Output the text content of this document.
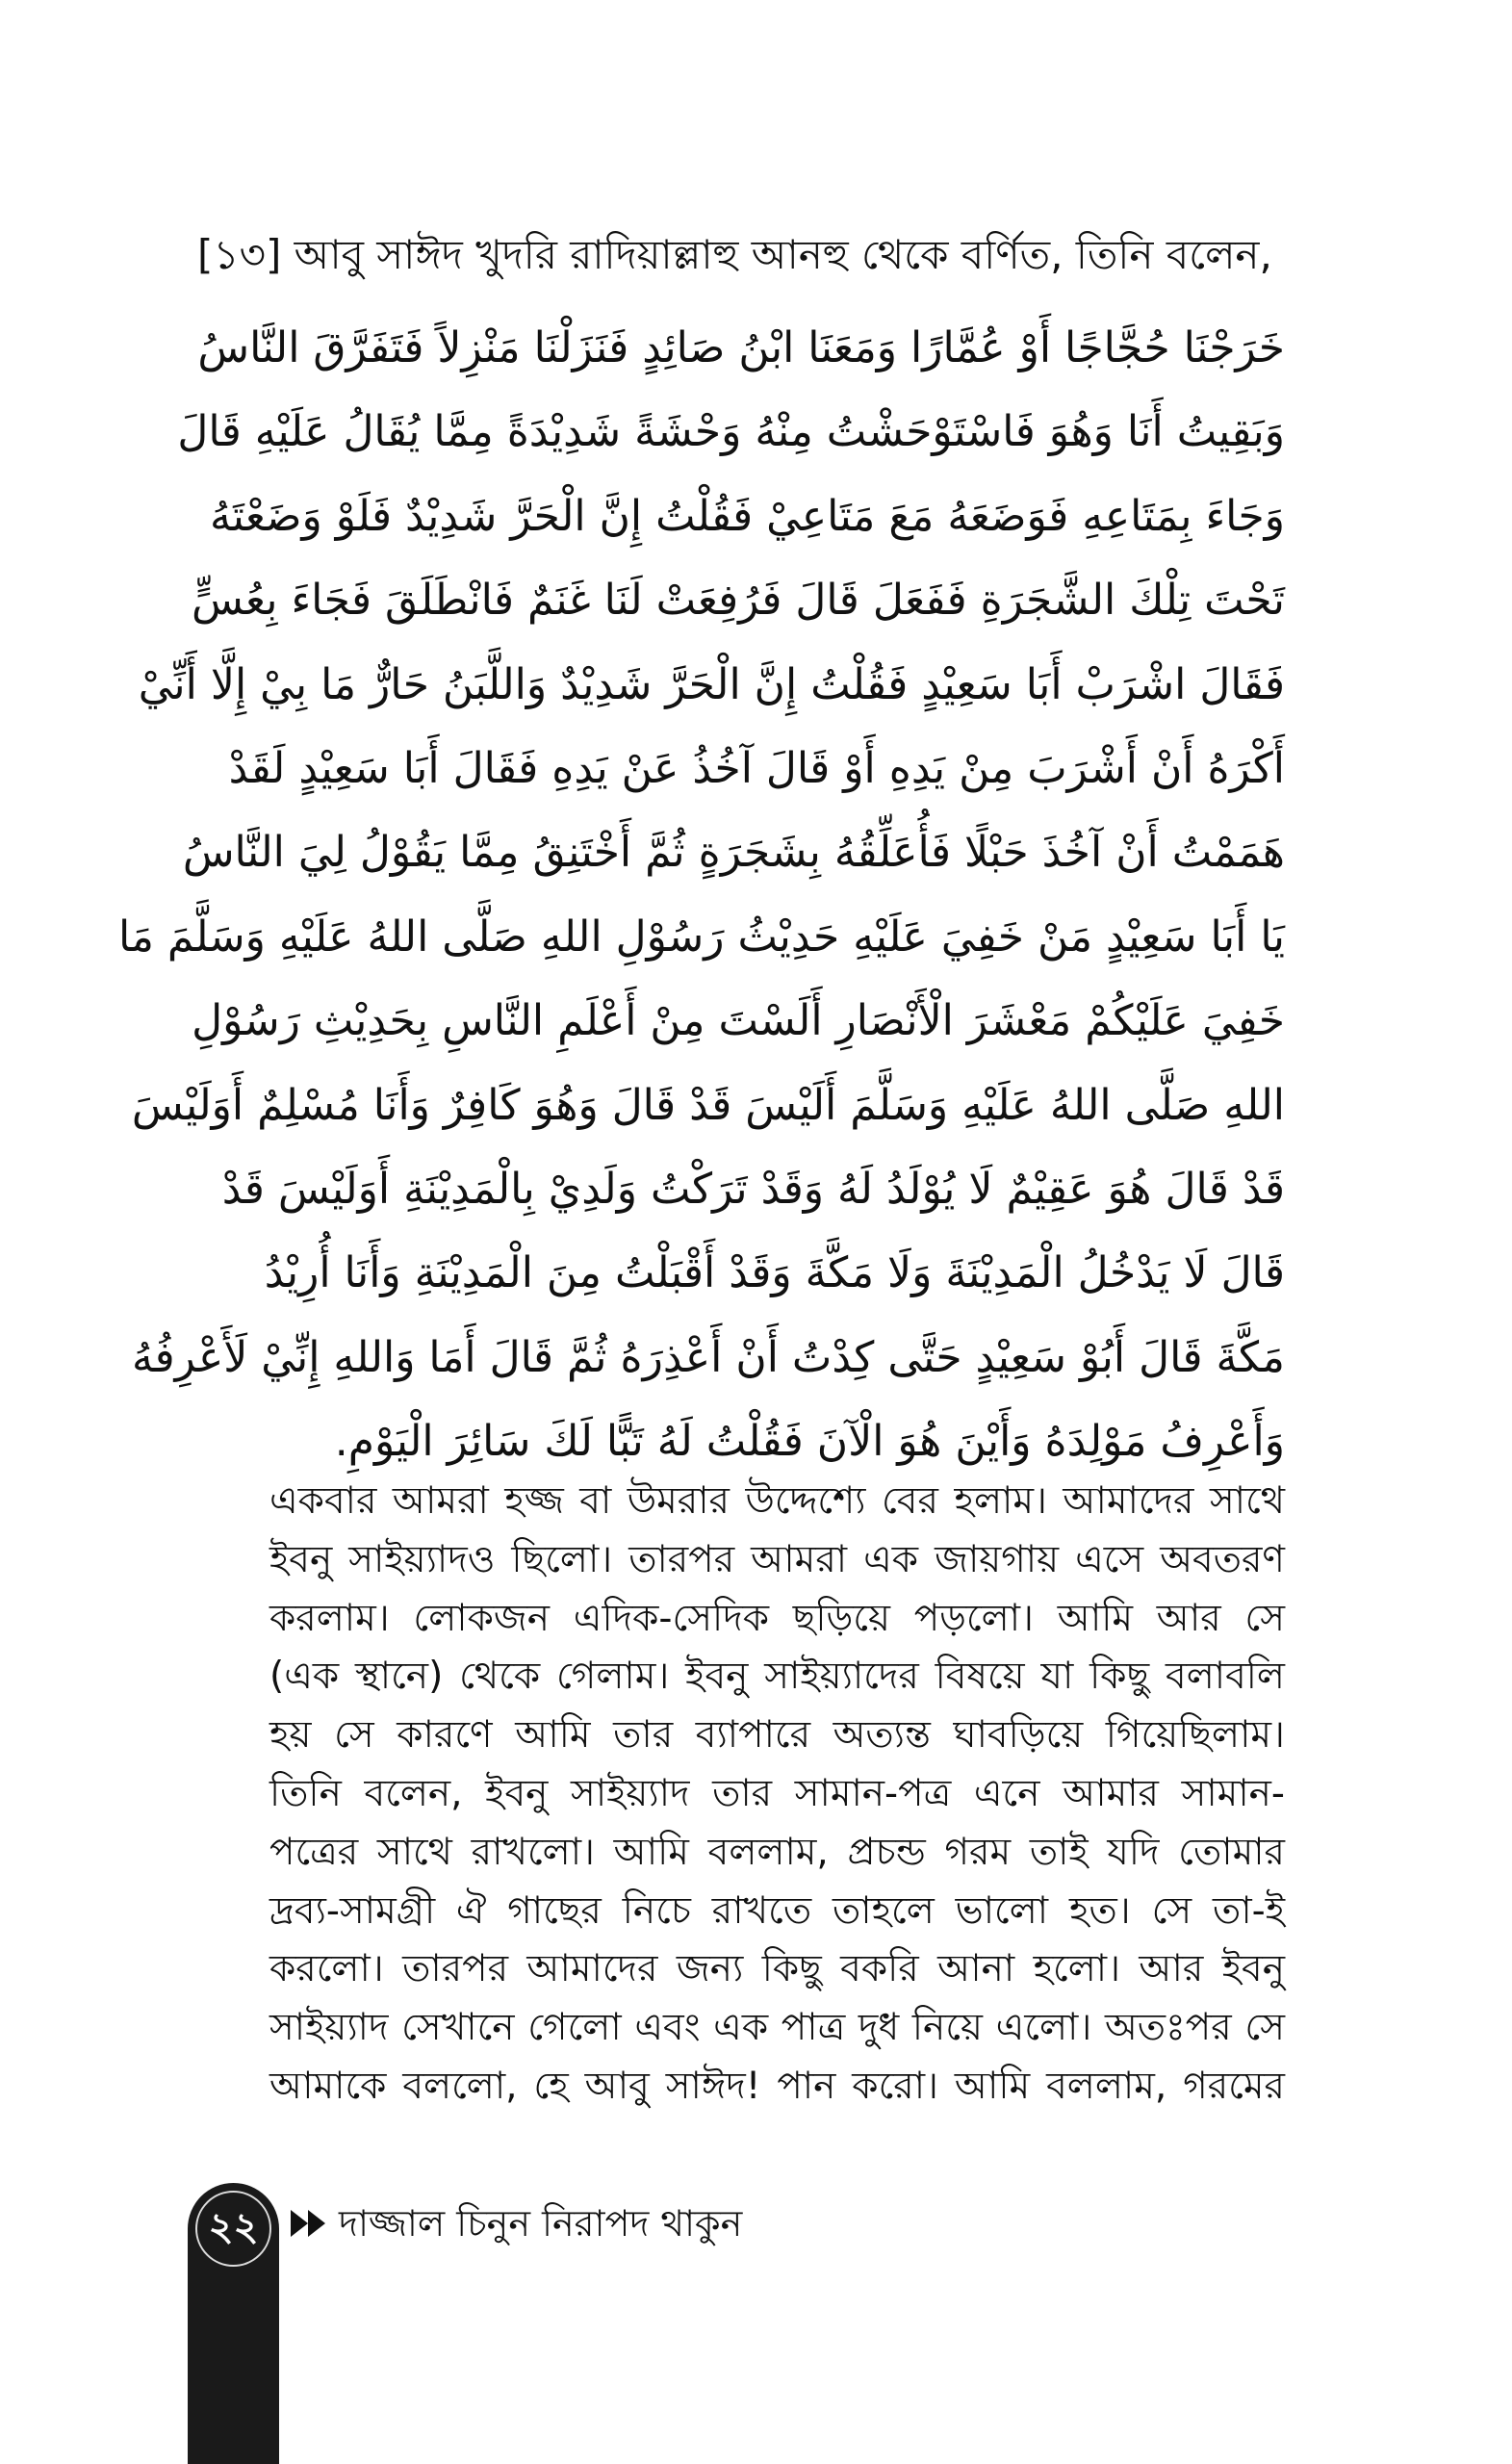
[১৩] আবু সাঈদ খুদরি রাদিয়াল্লাহু আনহু থেকে বর্ণিত, তিনি বলেন,
خَرَجْنَا حُجَّاجًا أَوْ عُمَّارًا وَمَعَنَا ابْنُ صَائِدٍ فَنَزَلْنَا مَنْزِلاً فَتَفَرَّقَ النَّاسُ
وَبَقِيتُ أَنَا وَهُوَ فَاسْتَوْحَشْتُ مِنْهُ وَحْشَةً شَدِيْدَةً مِمَّا يُقَالُ عَلَيْهِ قَالَ
وَجَاءَ بِمَتَاعِهِ فَوَضَعَهُ مَعَ مَتَاعِيْ فَقُلْتُ إِنَّ الْحَرَّ شَدِيْدٌ فَلَوْ وَضَعْتَهُ
تَحْتَ تِلْكَ الشَّجَرَةِ فَفَعَلَ قَالَ فَرُفِعَتْ لَنَا غَنَمٌ فَانْطَلَقَ فَجَاءَ بِعُسٍّ
فَقَالَ اشْرَبْ أَبَا سَعِيْدٍ فَقُلْتُ إِنَّ الْحَرَّ شَدِيْدٌ وَاللَّبَنُ حَارٌّ مَا بِيْ إِلَّا أَنِّيْ
أَكْرَهُ أَنْ أَشْرَبَ مِنْ يَدِهِ أَوْ قَالَ آخُذُ عَنْ يَدِهِ فَقَالَ أَبَا سَعِيْدٍ لَقَدْ
هَمَمْتُ أَنْ آخُذَ حَبْلًا فَأُعَلِّقُهُ بِشَجَرَةٍ ثُمَّ أَخْتَنِقُ مِمَّا يَقُوْلُ لِيَ النَّاسُ
يَا أَبَا سَعِيْدٍ مَنْ خَفِيَ عَلَيْهِ حَدِيْثُ رَسُوْلِ اللهِ صَلَّى اللهُ عَلَيْهِ وَسَلَّمَ مَا
خَفِيَ عَلَيْكُمْ مَعْشَرَ الْأَنْصَارِ أَلَسْتَ مِنْ أَعْلَمِ النَّاسِ بِحَدِيْثِ رَسُوْلِ
اللهِ صَلَّى اللهُ عَلَيْهِ وَسَلَّمَ أَلَيْسَ قَدْ قَالَ وَهُوَ كَافِرٌ وَأَنَا مُسْلِمٌ أَوَلَيْسَ
قَدْ قَالَ هُوَ عَقِيْمٌ لَا يُوْلَدُ لَهُ وَقَدْ تَرَكْتُ وَلَدِيْ بِالْمَدِيْنَةِ أَوَلَيْسَ قَدْ
قَالَ لَا يَدْخُلُ الْمَدِيْنَةَ وَلَا مَكَّةَ وَقَدْ أَقْبَلْتُ مِنَ الْمَدِيْنَةِ وَأَنَا أُرِيْدُ
مَكَّةَ قَالَ أَبُوْ سَعِيْدٍ حَتَّى كِدْتُ أَنْ أَعْذِرَهُ ثُمَّ قَالَ أَمَا وَاللهِ إِنِّيْ لَأَعْرِفُهُ
وَأَعْرِفُ مَوْلِدَهُ وَأَيْنَ هُوَ الْآنَ فَقُلْتُ لَهُ تَبًّا لَكَ سَائِرَ الْيَوْمِ.
একবার আমরা হজ্জ বা উমরার উদ্দেশ্যে বের হলাম। আমাদের সাথে
ইবনু সাইয়্যাদও ছিলো। তারপর আমরা এক জায়গায় এসে অবতরণ
করলাম। লোকজন এদিক-সেদিক ছড়িয়ে পড়লো। আমি আর সে
(এক স্থানে) থেকে গেলাম। ইবনু সাইয়্যাদের বিষয়ে যা কিছু বলাবলি
হয় সে কারণে আমি তার ব্যাপারে অত্যন্ত ঘাবড়িয়ে গিয়েছিলাম।
তিনি বলেন, ইবনু সাইয়্যাদ তার সামান-পত্র এনে আমার সামান-
পত্রের সাথে রাখলো। আমি বললাম, প্রচন্ড গরম তাই যদি তোমার
দ্রব্য-সামগ্রী ঐ গাছের নিচে রাখতে তাহলে ভালো হত। সে তা-ই
করলো। তারপর আমাদের জন্য কিছু বকরি আনা হলো। আর ইবনু
সাইয়্যাদ সেখানে গেলো এবং এক পাত্র দুধ নিয়ে এলো। অতঃপর সে
আমাকে বললো, হে আবু সাঈদ! পান করো। আমি বললাম, গরমের
২২	দাজ্জাল চিনুন নিরাপদ থাকুন
